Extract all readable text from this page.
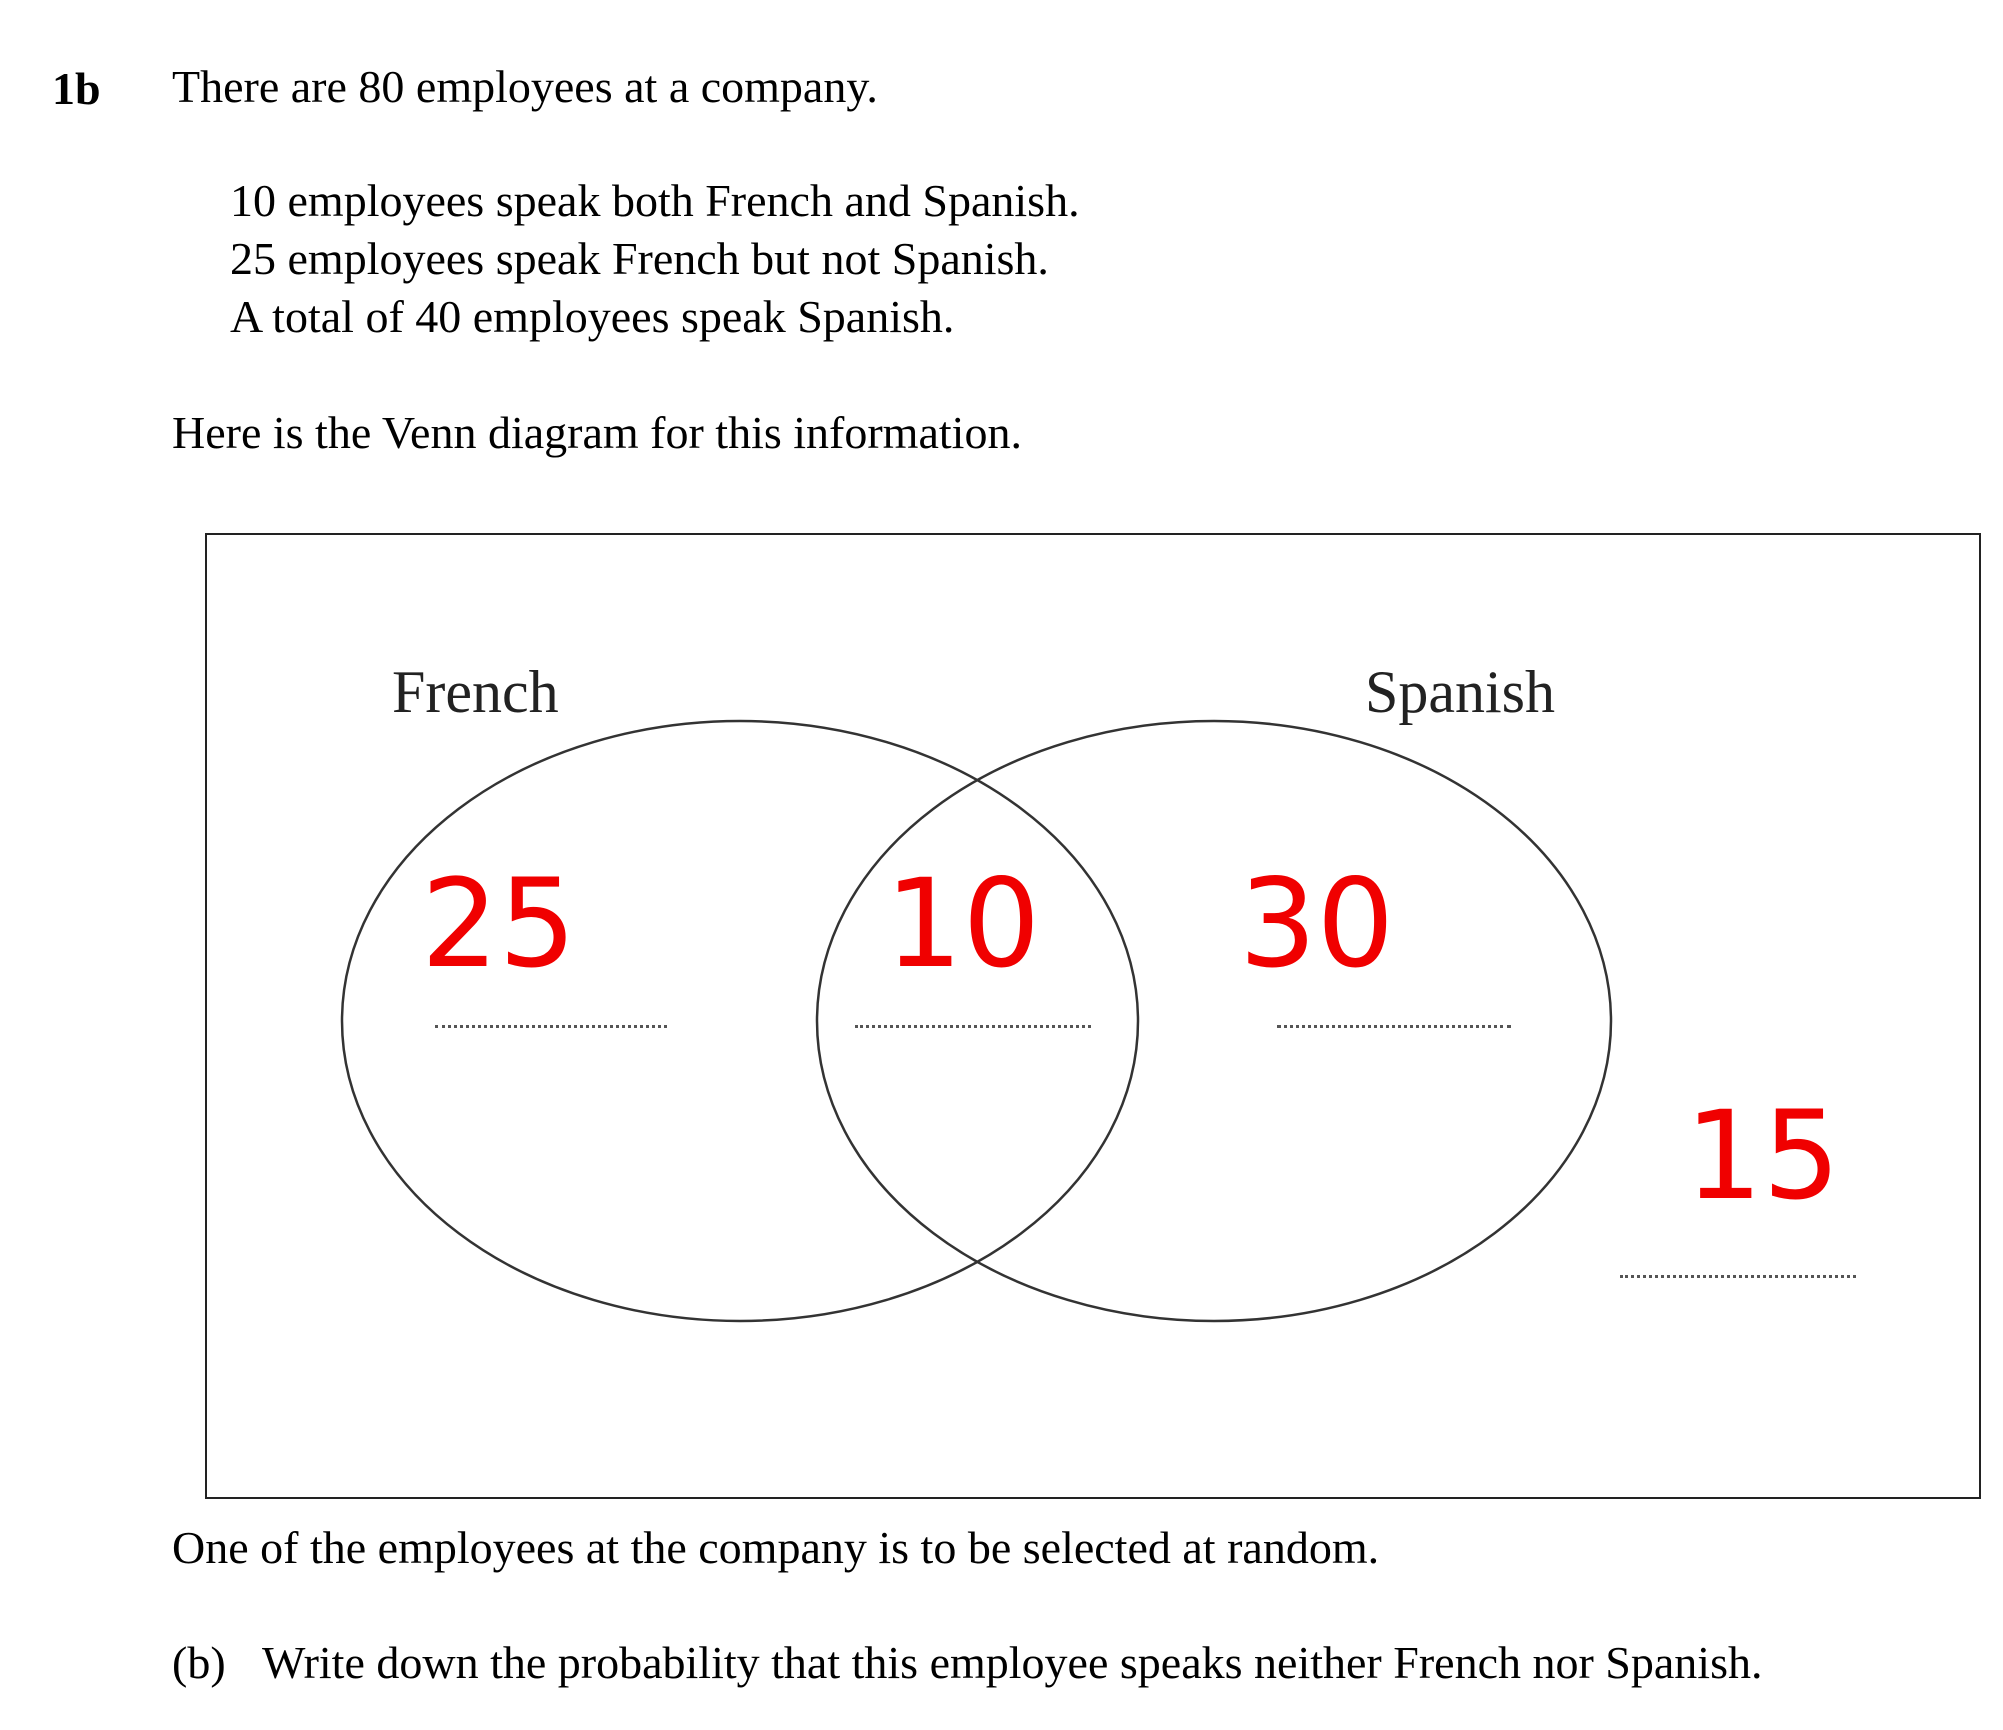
1b There are 80 employees at a company.
10 employees speak both French and Spanish.
25 employees speak French but not Spanish.
A total of 40 employees speak Spanish.
Here is the Venn diagram for this information.
French	Spanish
25	10 30
15
One of the employees at the company is to be selected at random.
(b) Write down the probability that this employee speaks neither French nor Spanish.
